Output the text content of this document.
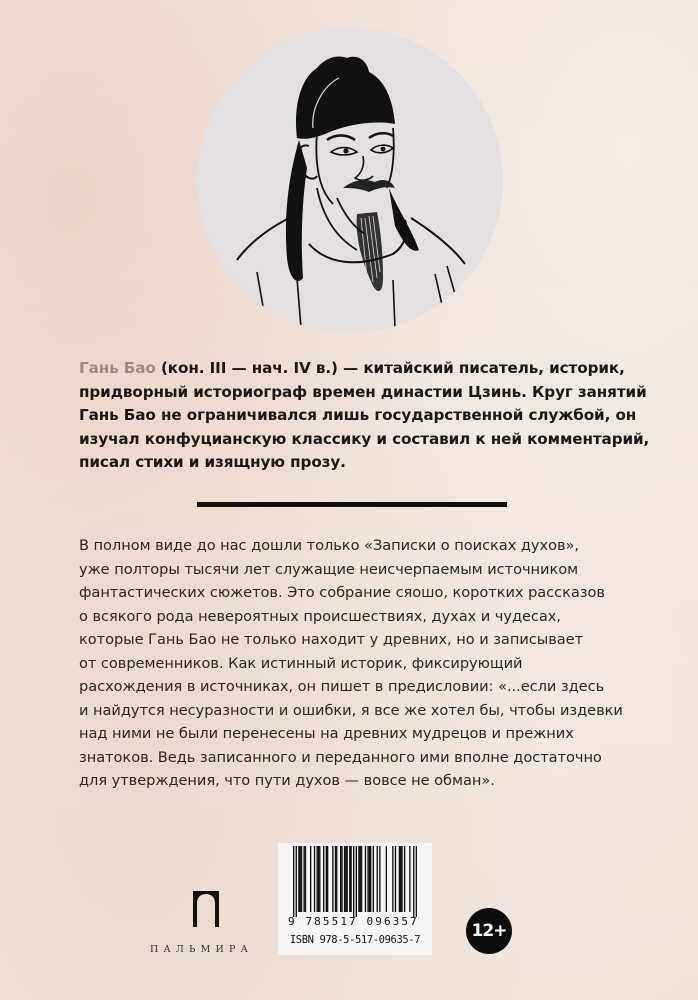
Гань Бао (кон. III — нач. IV в.) — китайский писатель, историк,
придворный историограф времен династии Цзинь. Круг занятий
Гань Бао не ограничивался лишь государственной службой, он
изучал конфуцианскую классику и составил к ней комментарий,
писал стихи и изящную прозу.

В полном виде до нас дошли только «Записки о поисках духов»,
уже полторы тысячи лет служащие неисчерпаемым источником
фантастических сюжетов. Это собрание сяошо, коротких рассказов
о всякого рода невероятных происшествиях, духах и чудесах,
которые Гань Бао не только находит у древних, но и записывает
от современников. Как истинный историк, фиксирующий
расхождения в источниках, он пишет в предисловии: «...если здесь
и найдутся несуразности и ошибки, я все же хотел бы, чтобы издевки
над ними не были перенесены на древних мудрецов и прежних
знатоков. Ведь записанного и переданного ими вполне достаточно
для утверждения, что пути духов — вовсе не обман».

ПАЛЬМИРА
9 785517 096357
ISBN 978-5-517-09635-7	12+
